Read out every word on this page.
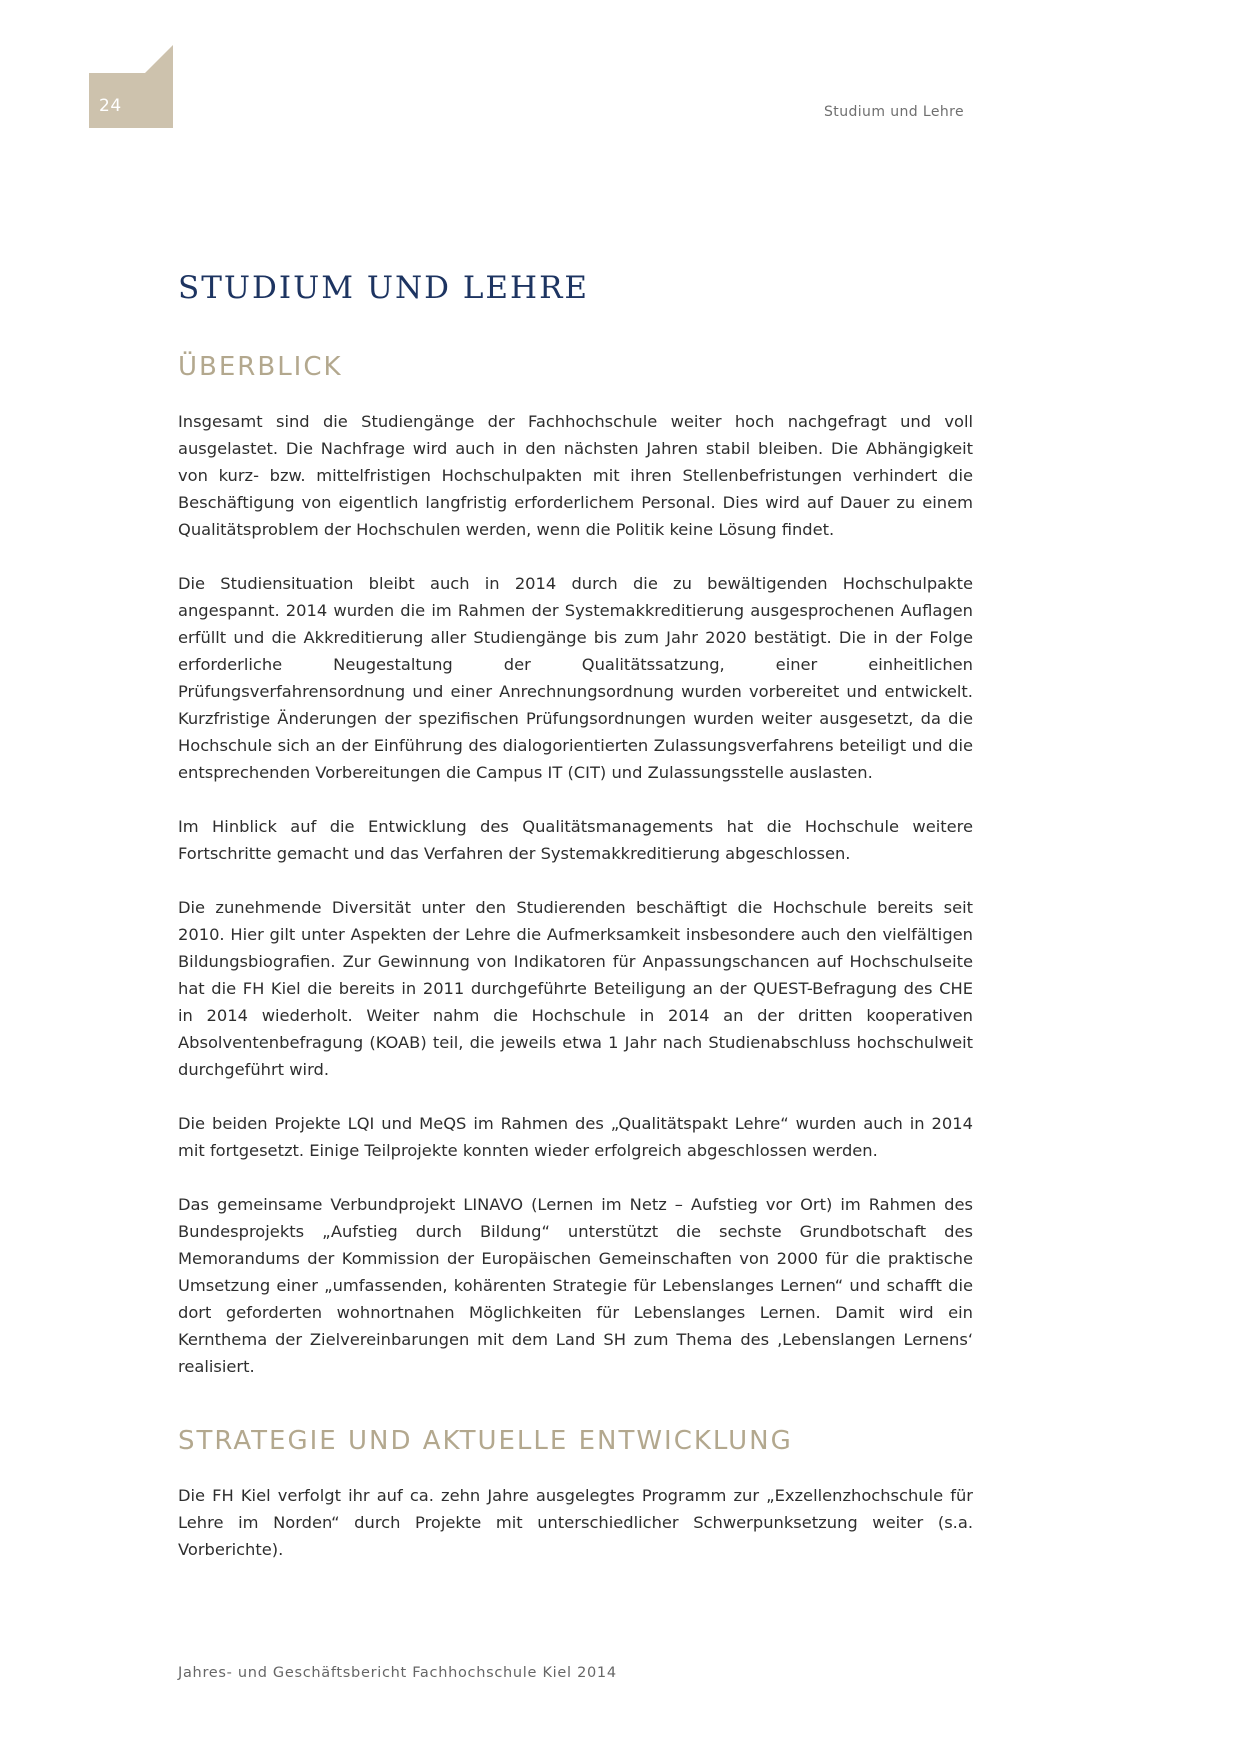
24	Studium und Lehre
STUDIUM UND LEHRE
ÜBERBLICK

Insgesamt sind die Studiengänge der Fachhochschule weiter hoch nachgefragt und voll ausgelastet. Die Nachfrage wird auch in den nächsten Jahren stabil bleiben. Die Abhängigkeit von kurz- bzw. mittelfristigen Hochschulpakten mit ihren Stellenbefristungen verhindert die Beschäftigung von eigentlich langfristig erforderlichem Personal. Dies wird auf Dauer zu einem Qualitätsproblem der Hochschulen werden, wenn die Politik keine Lösung findet.

Die Studiensituation bleibt auch in 2014 durch die zu bewältigenden Hochschulpakte angespannt. 2014 wurden die im Rahmen der Systemakkreditierung ausgesprochenen Auflagen erfüllt und die Akkreditierung aller Studiengänge bis zum Jahr 2020 bestätigt. Die in der Folge erforderliche Neugestaltung der Qualitätssatzung, einer einheitlichen Prüfungsverfahrensordnung und einer Anrechnungsordnung wurden vorbereitet und entwickelt. Kurzfristige Änderungen der spezifischen Prüfungsordnungen wurden weiter ausgesetzt, da die Hochschule sich an der Einführung des dialogorientierten Zulassungsverfahrens beteiligt und die entsprechenden Vorbereitungen die Campus IT (CIT) und Zulassungsstelle auslasten.

Im Hinblick auf die Entwicklung des Qualitätsmanagements hat die Hochschule weitere Fortschritte gemacht und das Verfahren der Systemakkreditierung abgeschlossen.

Die zunehmende Diversität unter den Studierenden beschäftigt die Hochschule bereits seit 2010. Hier gilt unter Aspekten der Lehre die Aufmerksamkeit insbesondere auch den vielfältigen Bildungsbiografien. Zur Gewinnung von Indikatoren für Anpassungschancen auf Hochschulseite hat die FH Kiel die bereits in 2011 durchgeführte Beteiligung an der QUEST-Befragung des CHE in 2014 wiederholt. Weiter nahm die Hochschule in 2014 an der dritten kooperativen Absolventenbefragung (KOAB) teil, die jeweils etwa 1 Jahr nach Studienabschluss hochschulweit durchgeführt wird.

Die beiden Projekte LQI und MeQS im Rahmen des „Qualitätspakt Lehre“ wurden auch in 2014 mit fortgesetzt. Einige Teilprojekte konnten wieder erfolgreich abgeschlossen werden.

Das gemeinsame Verbundprojekt LINAVO (Lernen im Netz – Aufstieg vor Ort) im Rahmen des Bundesprojekts „Aufstieg durch Bildung“ unterstützt die sechste Grundbotschaft des Memorandums der Kommission der Europäischen Gemeinschaften von 2000 für die praktische Umsetzung einer „umfassenden, kohärenten Strategie für Lebenslanges Lernen“ und schafft die dort geforderten wohnortnahen Möglichkeiten für Lebenslanges Lernen. Damit wird ein Kernthema der Zielvereinbarungen mit dem Land SH zum Thema des ‚Lebenslangen Lernens‘ realisiert.

STRATEGIE UND AKTUELLE ENTWICKLUNG

Die FH Kiel verfolgt ihr auf ca. zehn Jahre ausgelegtes Programm zur „Exzellenzhochschule für Lehre im Norden“ durch Projekte mit unterschiedlicher Schwerpunksetzung weiter (s.a. Vorberichte).

Jahres- und Geschäftsbericht Fachhochschule Kiel 2014
